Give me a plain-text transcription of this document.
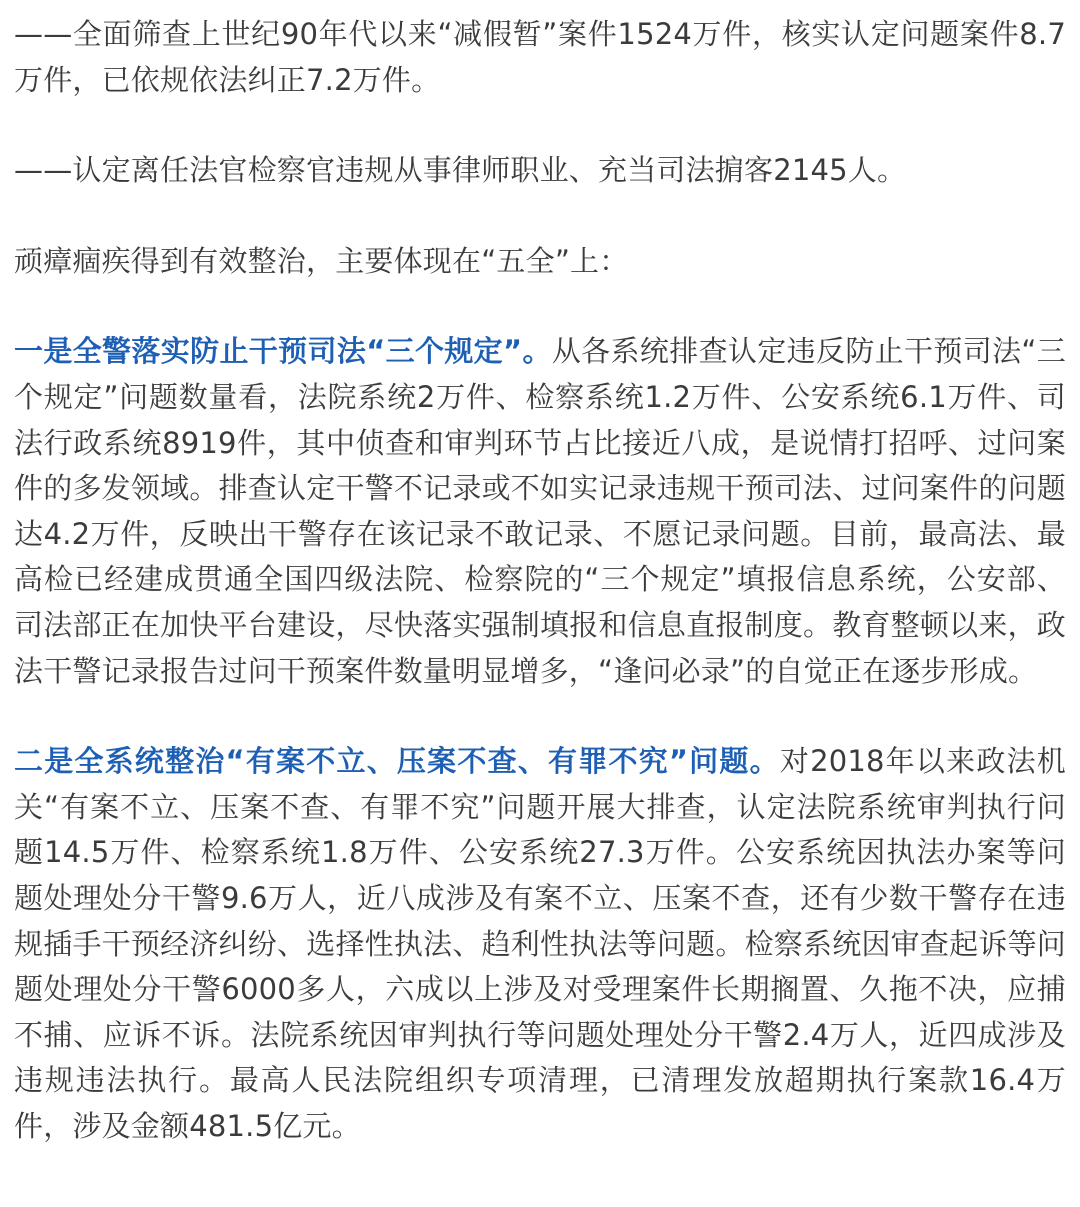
——全面筛查上世纪90年代以来“减假暂”案件1524万件，核实认定问题案件8.7万件，已依规依法纠正7.2万件。

——认定离任法官检察官违规从事律师职业、充当司法掮客2145人。

顽瘴痼疾得到有效整治，主要体现在“五全”上：

一是全警落实防止干预司法“三个规定”。从各系统排查认定违反防止干预司法“三个规定”问题数量看，法院系统2万件、检察系统1.2万件、公安系统6.1万件、司法行政系统8919件，其中侦查和审判环节占比接近八成，是说情打招呼、过问案件的多发领域。排查认定干警不记录或不如实记录违规干预司法、过问案件的问题达4.2万件，反映出干警存在该记录不敢记录、不愿记录问题。目前，最高法、最高检已经建成贯通全国四级法院、检察院的“三个规定”填报信息系统，公安部、司法部正在加快平台建设，尽快落实强制填报和信息直报制度。教育整顿以来，政法干警记录报告过问干预案件数量明显增多，“逢问必录”的自觉正在逐步形成。

二是全系统整治“有案不立、压案不查、有罪不究”问题。对2018年以来政法机关“有案不立、压案不查、有罪不究”问题开展大排查，认定法院系统审判执行问题14.5万件、检察系统1.8万件、公安系统27.3万件。公安系统因执法办案等问题处理处分干警9.6万人，近八成涉及有案不立、压案不查，还有少数干警存在违规插手干预经济纠纷、选择性执法、趋利性执法等问题。检察系统因审查起诉等问题处理处分干警6000多人，六成以上涉及对受理案件长期搁置、久拖不决，应捕不捕、应诉不诉。法院系统因审判执行等问题处理处分干警2.4万人，近四成涉及违规违法执行。最高人民法院组织专项清理，已清理发放超期执行案款16.4万件，涉及金额481.5亿元。
